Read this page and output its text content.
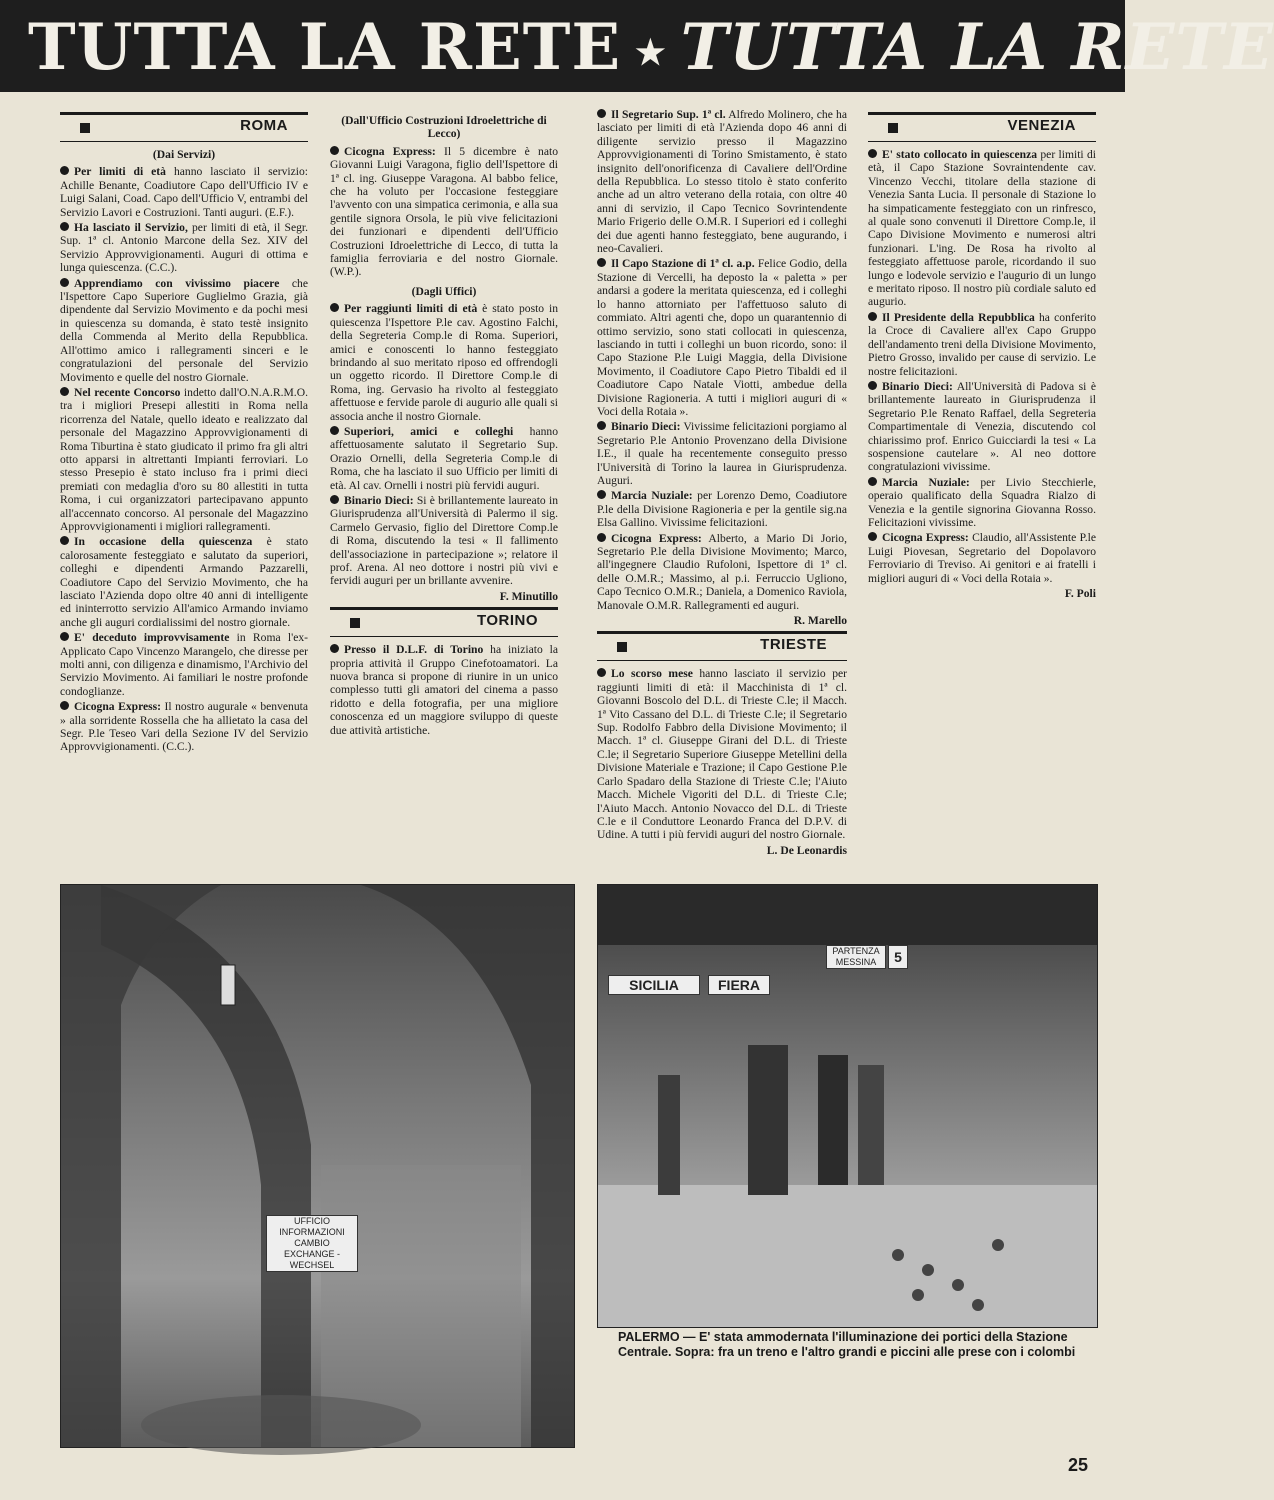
TUTTA LA RETE ★ TUTTA LA RETE
ROMA
(Dai Servizi)

Per limiti di età hanno lasciato il servizio: Achille Benante, Coadiutore Capo dell'Ufficio IV e Luigi Salani, Coad. Capo dell'Ufficio V, entrambi del Servizio Lavori e Costruzioni. Tanti auguri. (E.F.).

Ha lasciato il Servizio, per limiti di età, il Segr. Sup. 1ª cl. Antonio Marcone della Sez. XIV del Servizio Approvvigionamenti. Auguri di ottima e lunga quiescenza. (C.C.).

Apprendiamo con vivissimo piacere che l'Ispettore Capo Superiore Guglielmo Grazia, già dipendente dal Servizio Movimento e da pochi mesi in quiescenza su domanda, è stato testè insignito della Commenda al Merito della Repubblica. All'ottimo amico i rallegramenti sinceri e le congratulazioni del personale del Servizio Movimento e quelle del nostro Giornale.

Nel recente Concorso indetto dall'O.N.A.R.M.O. tra i migliori Presepi allestiti in Roma nella ricorrenza del Natale, quello ideato e realizzato dal personale del Magazzino Approvvigionamenti di Roma Tiburtina è stato giudicato il primo fra gli altri otto apparsi in altrettanti Impianti ferroviari. Lo stesso Presepio è stato incluso fra i primi dieci premiati con medaglia d'oro su 80 allestiti in tutta Roma, i cui organizzatori partecipavano appunto all'accennato concorso. Al personale del Magazzino Approvvigionamenti i migliori rallegramenti.

In occasione della quiescenza è stato calorosamente festeggiato e salutato da superiori, colleghi e dipendenti Armando Pazzarelli, Coadiutore Capo del Servizio Movimento, che ha lasciato l'Azienda dopo oltre 40 anni di intelligente ed ininterrotto servizio All'amico Armando inviamo anche gli auguri cordialissimi del nostro giornale.

E' deceduto improvvisamente in Roma l'ex-Applicato Capo Vincenzo Marangelo, che diresse per molti anni, con diligenza e dinamismo, l'Archivio del Servizio Movimento. Ai familiari le nostre profonde condoglianze.

Cicogna Express: Il nostro augurale « benvenuta » alla sorridente Rossella che ha allietato la casa del Segr. P.le Teseo Vari della Sezione IV del Servizio Approvvigionamenti. (C.C.).

(Dall'Ufficio Costruzioni Idroelettriche di Lecco)

Cicogna Express: Il 5 dicembre è nato Giovanni Luigi Varagona, figlio dell'Ispettore di 1ª cl. ing. Giuseppe Varagona. Al babbo felice, che ha voluto per l'occasione festeggiare l'avvento con una simpatica cerimonia, e alla sua gentile signora Orsola, le più vive felicitazioni dei funzionari e dipendenti dell'Ufficio Costruzioni Idroelettriche di Lecco, di tutta la famiglia ferroviaria e del nostro Giornale. (W.P.).

(Dagli Uffici)

Per raggiunti limiti di età è stato posto in quiescenza l'Ispettore P.le cav. Agostino Falchi, della Segreteria Comp.le di Roma. Superiori, amici e conoscenti lo hanno festeggiato brindando al suo meritato riposo ed offrendogli un oggetto ricordo. Il Direttore Comp.le di Roma, ing. Gervasio ha rivolto al festeggiato affettuose e fervide parole di augurio alle quali si associa anche il nostro Giornale.

Superiori, amici e colleghi hanno affettuosamente salutato il Segretario Sup. Orazio Ornelli, della Segreteria Comp.le di Roma, che ha lasciato il suo Ufficio per limiti di età. Al cav. Ornelli i nostri più fervidi auguri.

Binario Dieci: Si è brillantemente laureato in Giurisprudenza all'Università di Palermo il sig. Carmelo Gervasio, figlio del Direttore Comp.le di Roma, discutendo la tesi « Il fallimento dell'associazione in partecipazione »; relatore il prof. Arena. Al neo dottore i nostri più vivi e fervidi auguri per un brillante avvenire.

F. Minutillo
TORINO

Presso il D.L.F. di Torino ha iniziato la propria attività il Gruppo Cinefotoamatori. La nuova branca si propone di riunire in un unico complesso tutti gli amatori del cinema a passo ridotto e della fotografia, per una migliore conoscenza ed un maggiore sviluppo di queste due attività artistiche.

Il Segretario Sup. 1ª cl. Alfredo Molinero, che ha lasciato per limiti di età l'Azienda dopo 46 anni di diligente servizio presso il Magazzino Approvvigionamenti di Torino Smistamento, è stato insignito dell'onorificenza di Cavaliere dell'Ordine della Repubblica. Lo stesso titolo è stato conferito anche ad un altro veterano della rotaia, con oltre 40 anni di servizio, il Capo Tecnico Sovrintendente Mario Frigerio delle O.M.R. I Superiori ed i colleghi dei due agenti hanno festeggiato, bene augurando, i neo-Cavalieri.

Il Capo Stazione di 1ª cl. a.p. Felice Godio, della Stazione di Vercelli, ha deposto la « paletta » per andarsi a godere la meritata quiescenza, ed i colleghi lo hanno attorniato per l'affettuoso saluto di commiato. Altri agenti che, dopo un quarantennio di ottimo servizio, sono stati collocati in quiescenza, lasciando in tutti i colleghi un buon ricordo, sono: il Capo Stazione P.le Luigi Maggia, della Divisione Movimento, il Coadiutore Capo Pietro Tibaldi ed il Coadiutore Capo Natale Viotti, ambedue della Divisione Ragioneria. A tutti i migliori auguri di « Voci della Rotaia ».

Binario Dieci: Vivissime felicitazioni porgiamo al Segretario P.le Antonio Provenzano della Divisione I.E., il quale ha recentemente conseguito presso l'Università di Torino la laurea in Giurisprudenza. Auguri.

Marcia Nuziale: per Lorenzo Demo, Coadiutore P.le della Divisione Ragioneria e per la gentile sig.na Elsa Gallino. Vivissime felicitazioni.

Cicogna Express: Alberto, a Mario Di Jorio, Segretario P.le della Divisione Movimento; Marco, all'ingegnere Claudio Rufoloni, Ispettore di 1ª cl. delle O.M.R.; Massimo, al p.i. Ferruccio Ugliono, Capo Tecnico O.M.R.; Daniela, a Domenico Raviola, Manovale O.M.R. Rallegramenti ed auguri.

R. Marello
TRIESTE

Lo scorso mese hanno lasciato il servizio per raggiunti limiti di età: il Macchinista di 1ª cl. Giovanni Boscolo del D.L. di Trieste C.le; il Macch. 1ª Vito Cassano del D.L. di Trieste C.le; il Segretario Sup. Rodolfo Fabbro della Divisione Movimento; il Macch. 1ª cl. Giuseppe Girani del D.L. di Trieste C.le; il Segretario Superiore Giuseppe Metellini della Divisione Materiale e Trazione; il Capo Gestione P.le Carlo Spadaro della Stazione di Trieste C.le; l'Aiuto Macch. Michele Vigoriti del D.L. di Trieste C.le; l'Aiuto Macch. Antonio Novacco del D.L. di Trieste C.le e il Conduttore Leonardo Franca del D.P.V. di Udine. A tutti i più fervidi auguri del nostro Giornale.

L. De Leonardis
VENEZIA

E' stato collocato in quiescenza per limiti di età, il Capo Stazione Sovraintendente cav. Vincenzo Vecchi, titolare della stazione di Venezia Santa Lucia. Il personale di Stazione lo ha simpaticamente festeggiato con un rinfresco, al quale sono convenuti il Direttore Comp.le, il Capo Divisione Movimento e numerosi altri funzionari. L'ing. De Rosa ha rivolto al festeggiato affettuose parole, ricordando il suo lungo e lodevole servizio e l'augurio di un lungo e meritato riposo. Il nostro più cordiale saluto ed augurio.

Il Presidente della Repubblica ha conferito la Croce di Cavaliere all'ex Capo Gruppo dell'andamento treni della Divisione Movimento, Pietro Grosso, invalido per cause di servizio. Le nostre felicitazioni.

Binario Dieci: All'Università di Padova si è brillantemente laureato in Giurisprudenza il Segretario P.le Renato Raffael, della Segreteria Compartimentale di Venezia, discutendo col chiarissimo prof. Enrico Guicciardi la tesi « La sospensione cautelare ». Al neo dottore congratulazioni vivissime.

Marcia Nuziale: per Livio Stecchierle, operaio qualificato della Squadra Rialzo di Venezia e la gentile signorina Giovanna Rosso. Felicitazioni vivissime.

Cicogna Express: Claudio, all'Assistente P.le Luigi Piovesan, Segretario del Dopolavoro Ferroviario di Treviso. Ai genitori e ai fratelli i migliori auguri di « Voci della Rotaia ».

F. Poli
UFFICIO INFORMAZIONI
CAMBIO
EXCHANGE - WECHSEL
SICILIA	FIERA
PARTENZA
MESSINA	5
PALERMO — E' stata ammodernata l'illuminazione dei portici della Stazione Centrale. Sopra: fra un treno e l'altro grandi e piccini alle prese con i colombi
25
